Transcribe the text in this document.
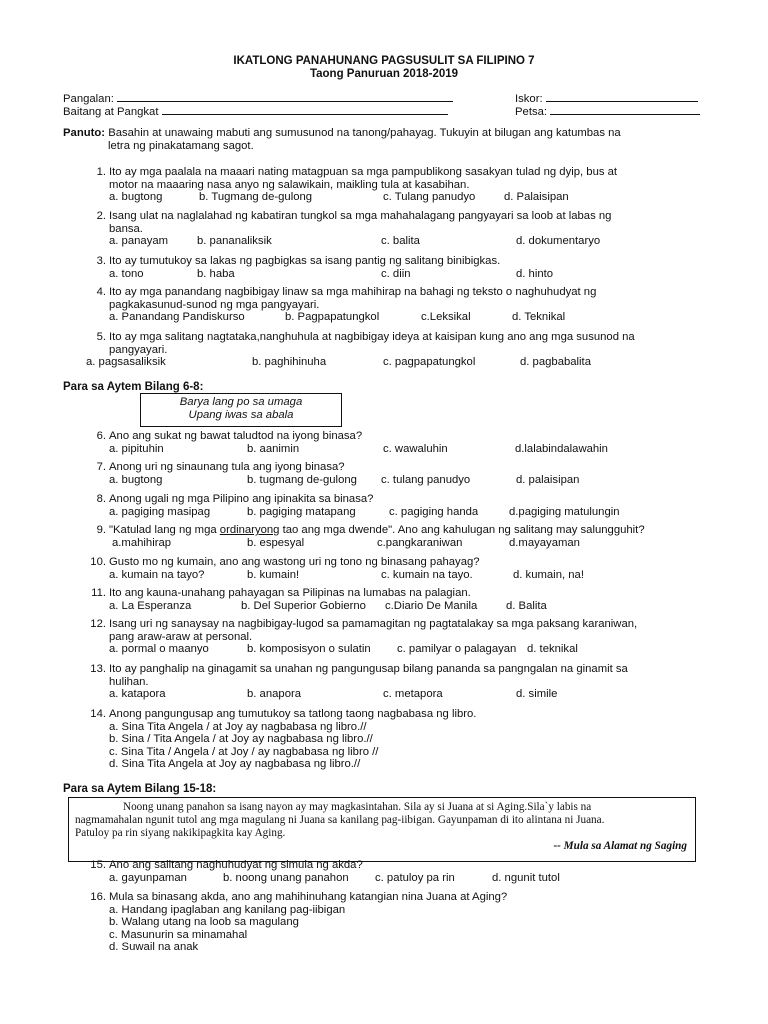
IKATLONG PANAHUNANG PAGSUSULIT SA FILIPINO 7
Taong Panuruan 2018-2019
Pangalan:
Baitang at Pangkat
Iskor:
Petsa:
Panuto: Basahin at unawaing mabuti ang sumusunod na tanong/pahayag. Tukuyin at bilugan ang katumbas na
letra ng pinakatamang sagot.
1. Ito ay mga paalala na maaari nating matagpuan sa mga pampublikong sasakyan tulad ng dyip, bus at
motor na maaaring nasa anyo ng salawikain, maikling tula at kasabihan.
a. bugtong	b. Tugmang de-gulong	c. Tulang panudyo	d. Palaisipan
2. Isang ulat na naglalahad ng kabatiran tungkol sa mga mahahalagang pangyayari sa loob at labas ng
bansa.
a. panayam	b. pananaliksik	c. balita	d. dokumentaryo
3. Ito ay tumutukoy sa lakas ng pagbigkas sa isang pantig ng salitang binibigkas.
a. tono	b. haba	c. diin	d. hinto
4. Ito ay mga panandang nagbibigay linaw sa mga mahihirap na bahagi ng teksto o naghuhudyat ng
pagkakasunud-sunod ng mga pangyayari.
a. Panandang Pandiskurso	b. Pagpapatungkol	c.Leksikal	d. Teknikal
5. Ito ay mga salitang nagtataka,nanghuhula at nagbibigay ideya at kaisipan kung ano ang mga susunod na
pangyayari.
a. pagsasaliksik	b. paghihinuha	c. pagpapatungkol	d. pagbabalita
Para sa Aytem Bilang 6-8:
Barya lang po sa umaga
Upang iwas sa abala
6. Ano ang sukat ng bawat taludtod na iyong binasa?
a. pipituhin	b. aanimin	c. wawaluhin	d.lalabindalawahin
7. Anong uri ng sinaunang tula ang iyong binasa?
a. bugtong	b. tugmang de-gulong c. tulang panudyo	d. palaisipan
8. Anong ugali ng mga Pilipino ang ipinakita sa binasa?
a. pagiging masipag	b. pagiging matapang	c. pagiging handa	d.pagiging matulungin
9. "Katulad lang ng mga ordinaryong tao ang mga dwende". Ano ang kahulugan ng salitang may salungguhit?
a.mahihirap	b. espesyal	c.pangkaraniwan	d.mayayaman
10. Gusto mo ng kumain, ano ang wastong uri ng tono ng binasang pahayag?
a. kumain na tayo?	b. kumain!	c. kumain na tayo.	d. kumain, na!
11. Ito ang kauna-unahang pahayagan sa Pilipinas na lumabas na palagian.
a. La Esperanza	b. Del Superior Gobierno c.Diario De Manila	d. Balita
12. Isang uri ng sanaysay na nagbibigay-lugod sa pamamagitan ng pagtatalakay sa mga paksang karaniwan,
pang araw-araw at personal.
a. pormal o maanyo	b. komposisyon o sulatin c. pamilyar o palagayan d. teknikal
13. Ito ay panghalip na ginagamit sa unahan ng pangungusap bilang pananda sa pangngalan na ginamit sa
hulihan.
a. katapora	b. anapora	c. metapora	d. simile
14. Anong pangungusap ang tumutukoy sa tatlong taong nagbabasa ng libro.
a. Sina Tita Angela / at Joy ay nagbabasa ng libro.//
b. Sina / Tita Angela / at Joy ay nagbabasa ng libro.//
c. Sina Tita / Angela / at Joy / ay nagbabasa ng libro //
d. Sina Tita Angela at Joy ay nagbabasa ng libro.//
Para sa Aytem Bilang 15-18:
Noong unang panahon sa isang nayon ay may magkasintahan. Sila ay si Juana at si Aging.Sila`y labis na
nagmamahalan ngunit tutol ang mga magulang ni Juana sa kanilang pag-iibigan. Gayunpaman di ito alintana ni Juana.
Patuloy pa rin siyang nakikipagkita kay Aging.
-- Mula sa Alamat ng Saging
15. Ano ang salitang naghuhudyat ng simula ng akda?
a. gayunpaman	b. noong unang panahon c. patuloy pa rin	d. ngunit tutol
16. Mula sa binasang akda, ano ang mahihinuhang katangian nina Juana at Aging?
a. Handang ipaglaban ang kanilang pag-iibigan
b. Walang utang na loob sa magulang
c. Masunurin sa minamahal
d. Suwail na anak
